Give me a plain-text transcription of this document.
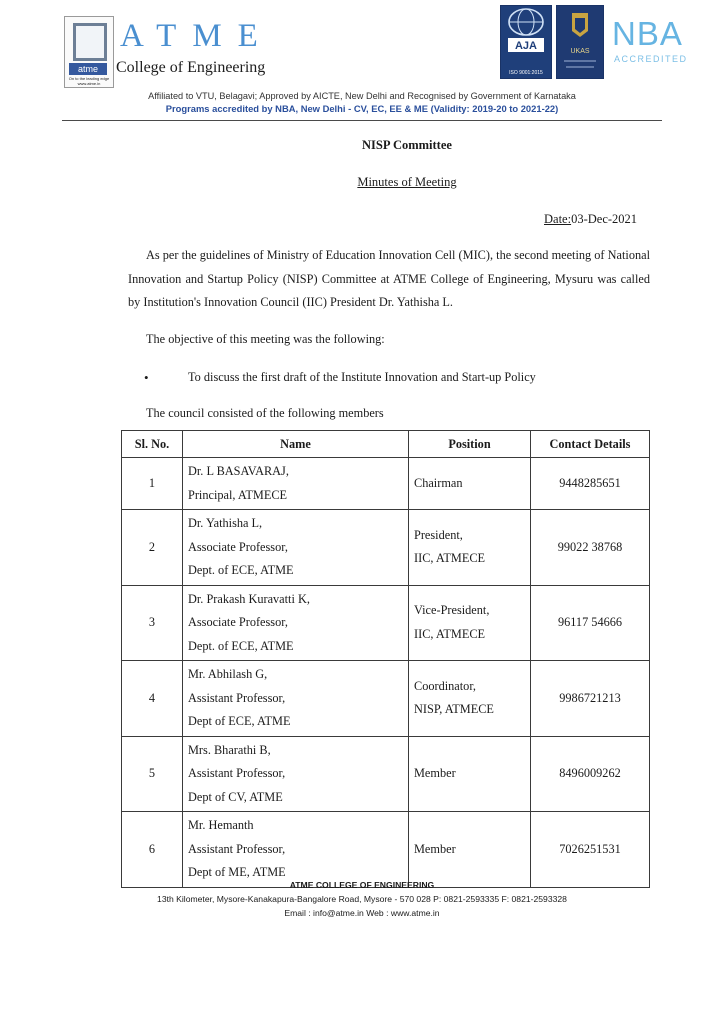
atme
On to the leading edge
www.atme.in
ATME
College of Engineering
AJA
ISO 9001:2015
UKAS NBA
ACCREDITED
Affiliated to VTU, Belagavi; Approved by AICTE, New Delhi and Recognised by Government of Karnataka
Programs accredited by NBA, New Delhi - CV, EC, EE & ME (Validity: 2019-20 to 2021-22)
NISP Committee
Minutes of Meeting
Date:03-Dec-2021
As per the guidelines of Ministry of Education Innovation Cell (MIC), the second meeting of National Innovation and Startup Policy (NISP) Committee at ATME College of Engineering, Mysuru was called by Institution's Innovation Council (IIC) President Dr. Yathisha L.
The objective of this meeting was the following:
•	To discuss the first draft of the Institute Innovation and Start-up Policy
The council consisted of the following members
Sl. No.	Name	Position	Contact Details
1	Dr. L BASAVARAJ,
Principal, ATMECE	Chairman	9448285651
2	Dr. Yathisha L,
Associate Professor,
Dept. of ECE, ATME	President,
IIC, ATMECE	99022 38768
3	Dr. Prakash Kuravatti K,
Associate Professor,
Dept. of ECE, ATME	Vice-President,
IIC, ATMECE	96117 54666
4	Mr. Abhilash G,
Assistant Professor,
Dept of ECE, ATME	Coordinator,
NISP, ATMECE	9986721213
5	Mrs. Bharathi B,
Assistant Professor,
Dept of CV, ATME	Member	8496009262
6	Mr. Hemanth
Assistant Professor,
Dept of ME, ATME	Member	7026251531
ATME COLLEGE OF ENGINEERING
13th Kilometer, Mysore-Kanakapura-Bangalore Road, Mysore - 570 028 P: 0821-2593335 F: 0821-2593328
Email : info@atme.in Web : www.atme.in
